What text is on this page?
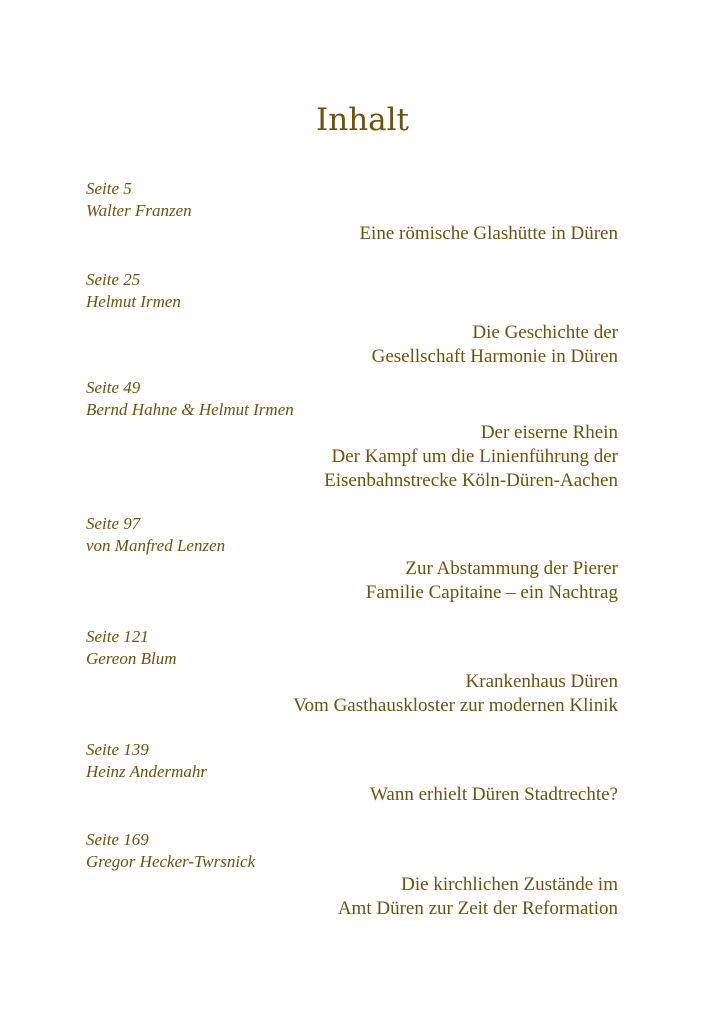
Inhalt
Seite 5
Walter Franzen
Eine römische Glashütte in Düren
Seite 25
Helmut Irmen
Die Geschichte der
Gesellschaft Harmonie in Düren
Seite 49
Bernd Hahne & Helmut Irmen
Der eiserne Rhein
Der Kampf um die Linienführung der
Eisenbahnstrecke Köln-Düren-Aachen
Seite 97
von Manfred Lenzen
Zur Abstammung der Pierer
Familie Capitaine – ein Nachtrag
Seite 121
Gereon Blum
Krankenhaus Düren
Vom Gasthauskloster zur modernen Klinik
Seite 139
Heinz Andermahr
Wann erhielt Düren Stadtrechte?
Seite 169
Gregor Hecker-Twrsnick
Die kirchlichen Zustände im
Amt Düren zur Zeit der Reformation
